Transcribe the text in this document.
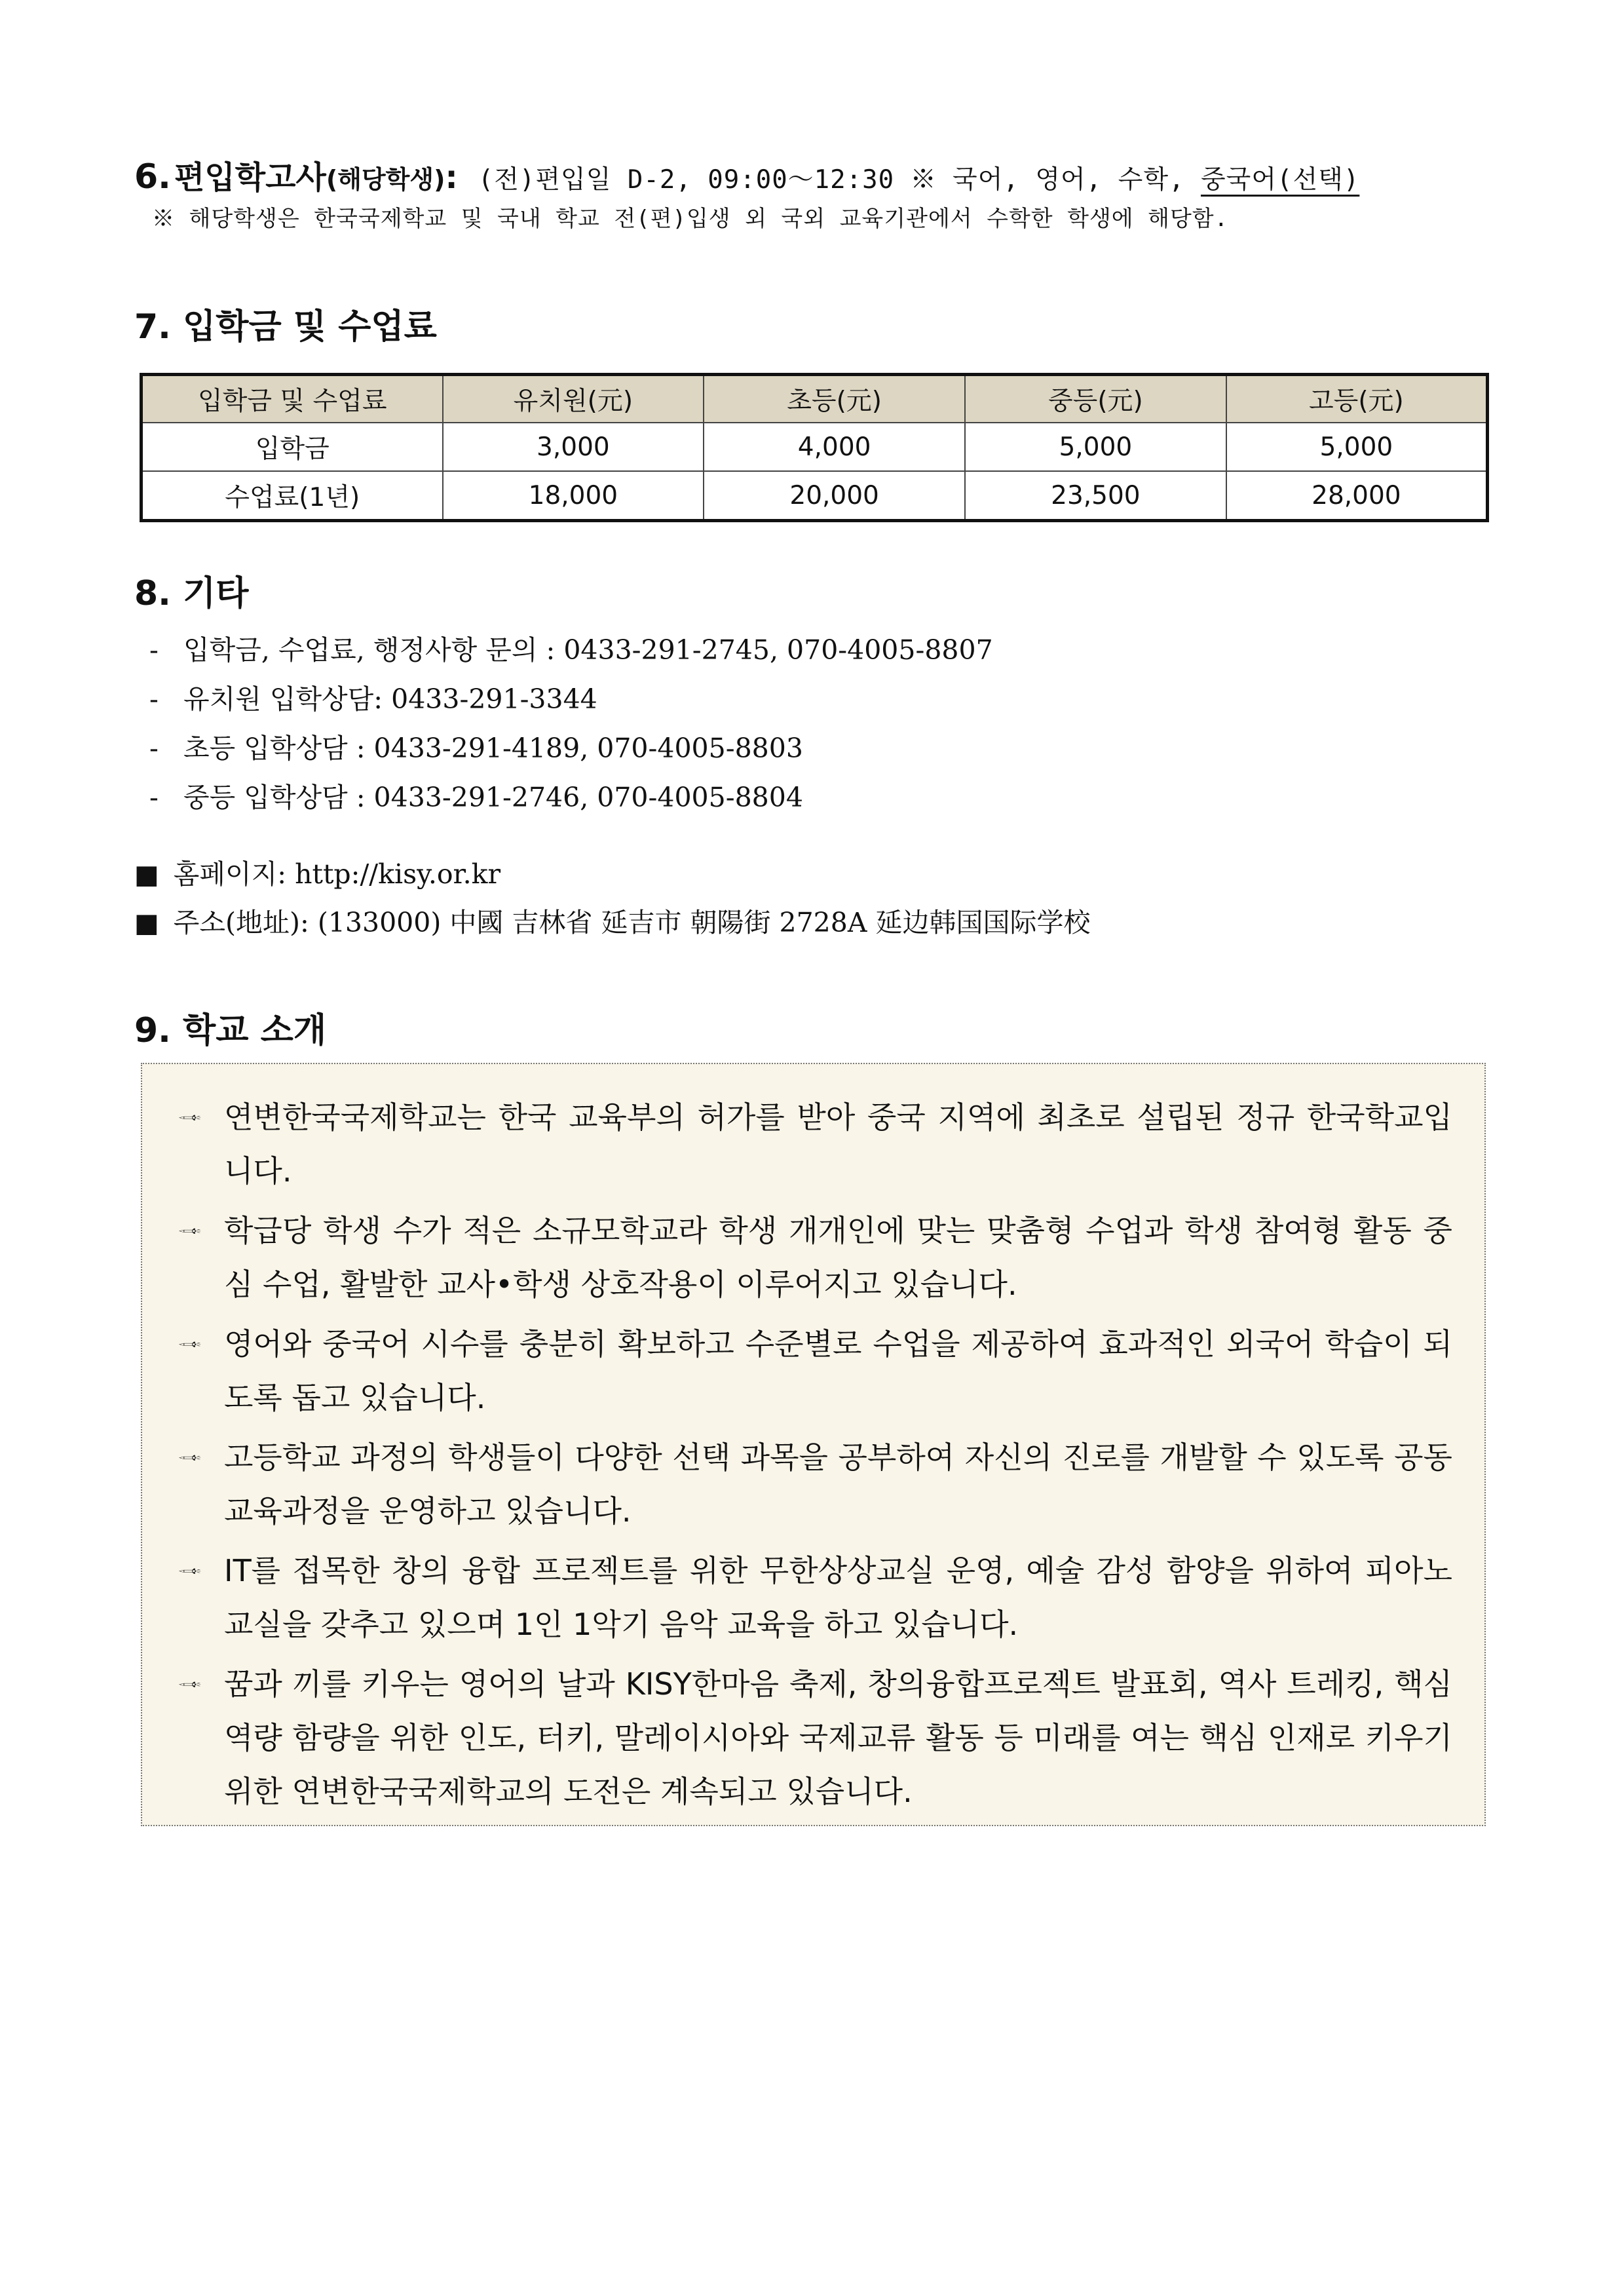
6. 편입학고사(해당학생): (전)편입일 D-2, 09:00～12:30 ※ 국어, 영어, 수학, 중국어(선택)
※ 해당학생은 한국국제학교 및 국내 학교 전(편)입생 외 국외 교육기관에서 수학한 학생에 해당함.
7. 입학금 및 수업료
입학금 및 수업료	유치원(元)	초등(元)	중등(元)	고등(元)
입학금	3,000	4,000	5,000	5,000
수업료(1년)	18,000	20,000	23,500	28,000
8. 기타
- 입학금, 수업료, 행정사항 문의 : 0433-291-2745, 070-4005-8807
- 유치원 입학상담: 0433-291-3344
- 초등 입학상담 : 0433-291-4189, 070-4005-8803
- 중등 입학상담 : 0433-291-2746, 070-4005-8804

■ 홈페이지: http://kisy.or.kr

■ 주소(地址): (133000) 中國 吉林省 延吉市 朝陽街 2728A 延边韩国国际学校

9. 학교 소개
🙬 연변한국국제학교는 한국 교육부의 허가를 받아 중국 지역에 최초로 설립된 정규 한국학교입니다.
🙬 학급당 학생 수가 적은 소규모학교라 학생 개개인에 맞는 맞춤형 수업과 학생 참여형 활동 중심 수업, 활발한 교사•학생 상호작용이 이루어지고 있습니다.
🙬 영어와 중국어 시수를 충분히 확보하고 수준별로 수업을 제공하여 효과적인 외국어 학습이 되도록 돕고 있습니다.
🙬 고등학교 과정의 학생들이 다양한 선택 과목을 공부하여 자신의 진로를 개발할 수 있도록 공동교육과정을 운영하고 있습니다.
🙬 IT를 접목한 창의 융합 프로젝트를 위한 무한상상교실 운영, 예술 감성 함양을 위하여 피아노교실을 갖추고 있으며 1인 1악기 음악 교육을 하고 있습니다.
🙬 꿈과 끼를 키우는 영어의 날과 KISY한마음 축제, 창의융합프로젝트 발표회, 역사 트레킹, 핵심 역량 함량을 위한 인도, 터키, 말레이시아와 국제교류 활동 등 미래를 여는 핵심 인재로 키우기 위한 연변한국국제학교의 도전은 계속되고 있습니다.
